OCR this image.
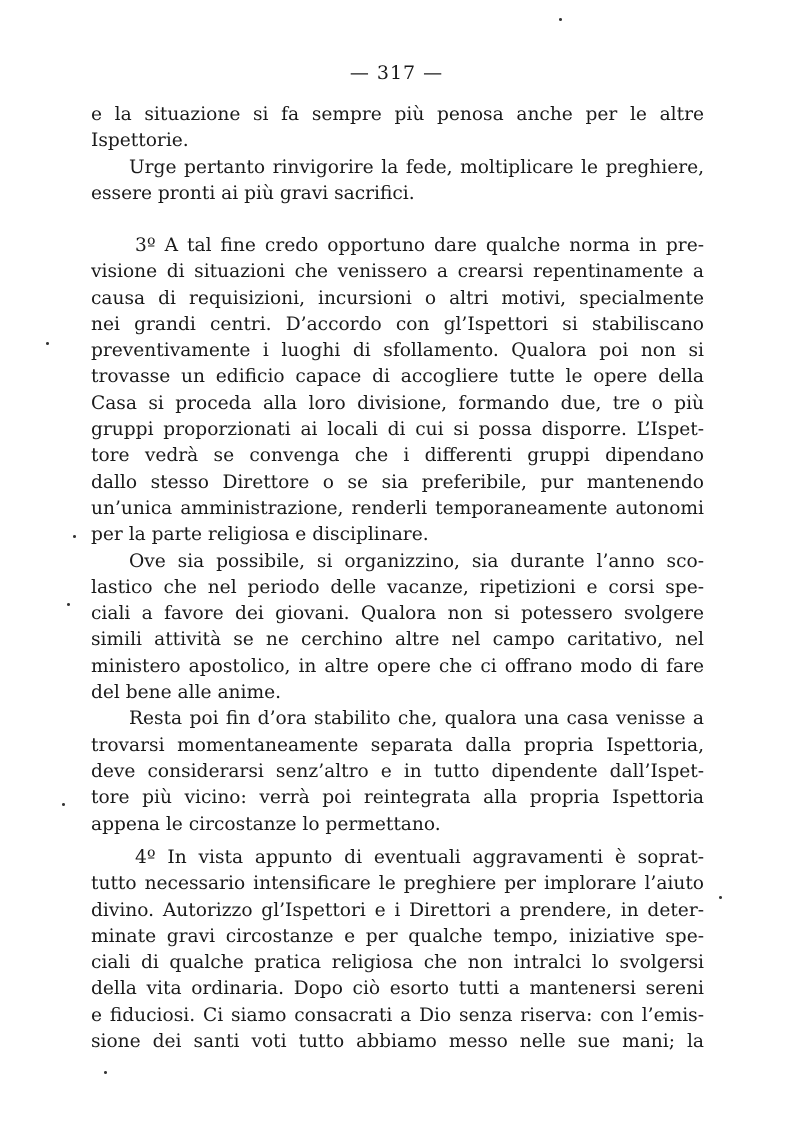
— 317 —
e la situazione si fa sempre più penosa anche per le altre
Ispettorie.
Urge pertanto rinvigorire la fede, moltiplicare le preghiere,
essere pronti ai più gravi sacrifici.
3º A tal fine credo opportuno dare qualche norma in pre-
visione di situazioni che venissero a crearsi repentinamente a
causa di requisizioni, incursioni o altri motivi, specialmente
nei grandi centri. D’accordo con gl’Ispettori si stabiliscano
preventivamente i luoghi di sfollamento. Qualora poi non si
trovasse un edificio capace di accogliere tutte le opere della
Casa si proceda alla loro divisione, formando due, tre o più
gruppi proporzionati ai locali di cui si possa disporre. L’Ispet-
tore vedrà se convenga che i differenti gruppi dipendano
dallo stesso Direttore o se sia preferibile, pur mantenendo
un’unica amministrazione, renderli temporaneamente autonomi
per la parte religiosa e disciplinare.
Ove sia possibile, si organizzino, sia durante l’anno sco-
lastico che nel periodo delle vacanze, ripetizioni e corsi spe-
ciali a favore dei giovani. Qualora non si potessero svolgere
simili attività se ne cerchino altre nel campo caritativo, nel
ministero apostolico, in altre opere che ci offrano modo di fare
del bene alle anime.
Resta poi fin d’ora stabilito che, qualora una casa venisse a
trovarsi momentaneamente separata dalla propria Ispettoria,
deve considerarsi senz’altro e in tutto dipendente dall’Ispet-
tore più vicino: verrà poi reintegrata alla propria Ispettoria
appena le circostanze lo permettano.
4º In vista appunto di eventuali aggravamenti è soprat-
tutto necessario intensificare le preghiere per implorare l’aiuto
divino. Autorizzo gl’Ispettori e i Direttori a prendere, in deter-
minate gravi circostanze e per qualche tempo, iniziative spe-
ciali di qualche pratica religiosa che non intralci lo svolgersi
della vita ordinaria. Dopo ciò esorto tutti a mantenersi sereni
e fiduciosi. Ci siamo consacrati a Dio senza riserva: con l’emis-
sione dei santi voti tutto abbiamo messo nelle sue mani; la
